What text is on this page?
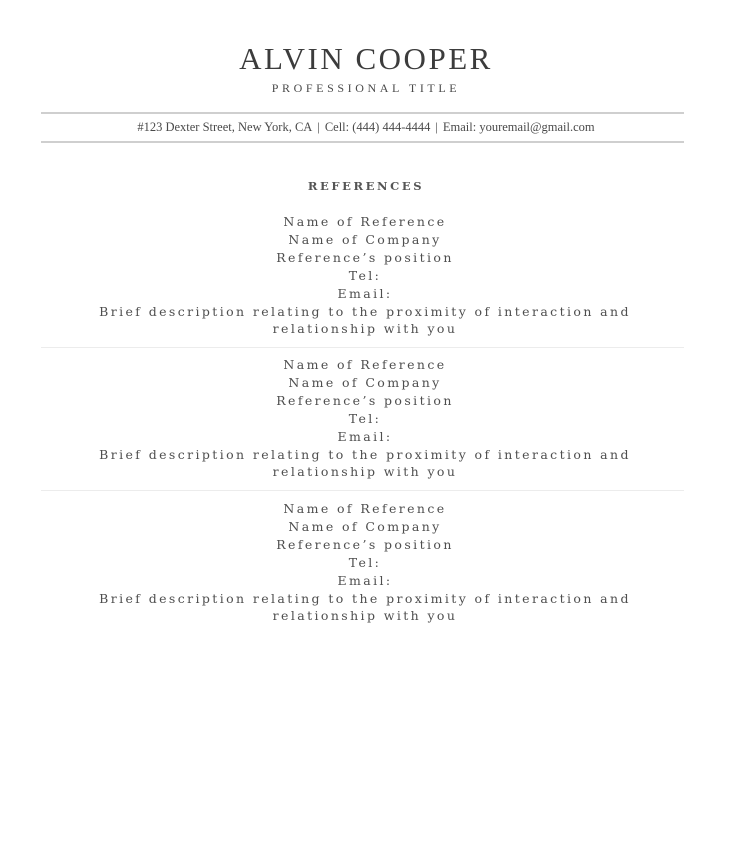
ALVIN COOPER
PROFESSIONAL TITLE
#123 Dexter Street, New York, CA | Cell: (444) 444-4444 | Email: youremail@gmail.com
REFERENCES
Name of Reference
Name of Company
Reference’s position
Tel:
Email:
Brief description relating to the proximity of interaction and relationship with you
Name of Reference
Name of Company
Reference’s position
Tel:
Email:
Brief description relating to the proximity of interaction and relationship with you
Name of Reference
Name of Company
Reference’s position
Tel:
Email:
Brief description relating to the proximity of interaction and relationship with you
